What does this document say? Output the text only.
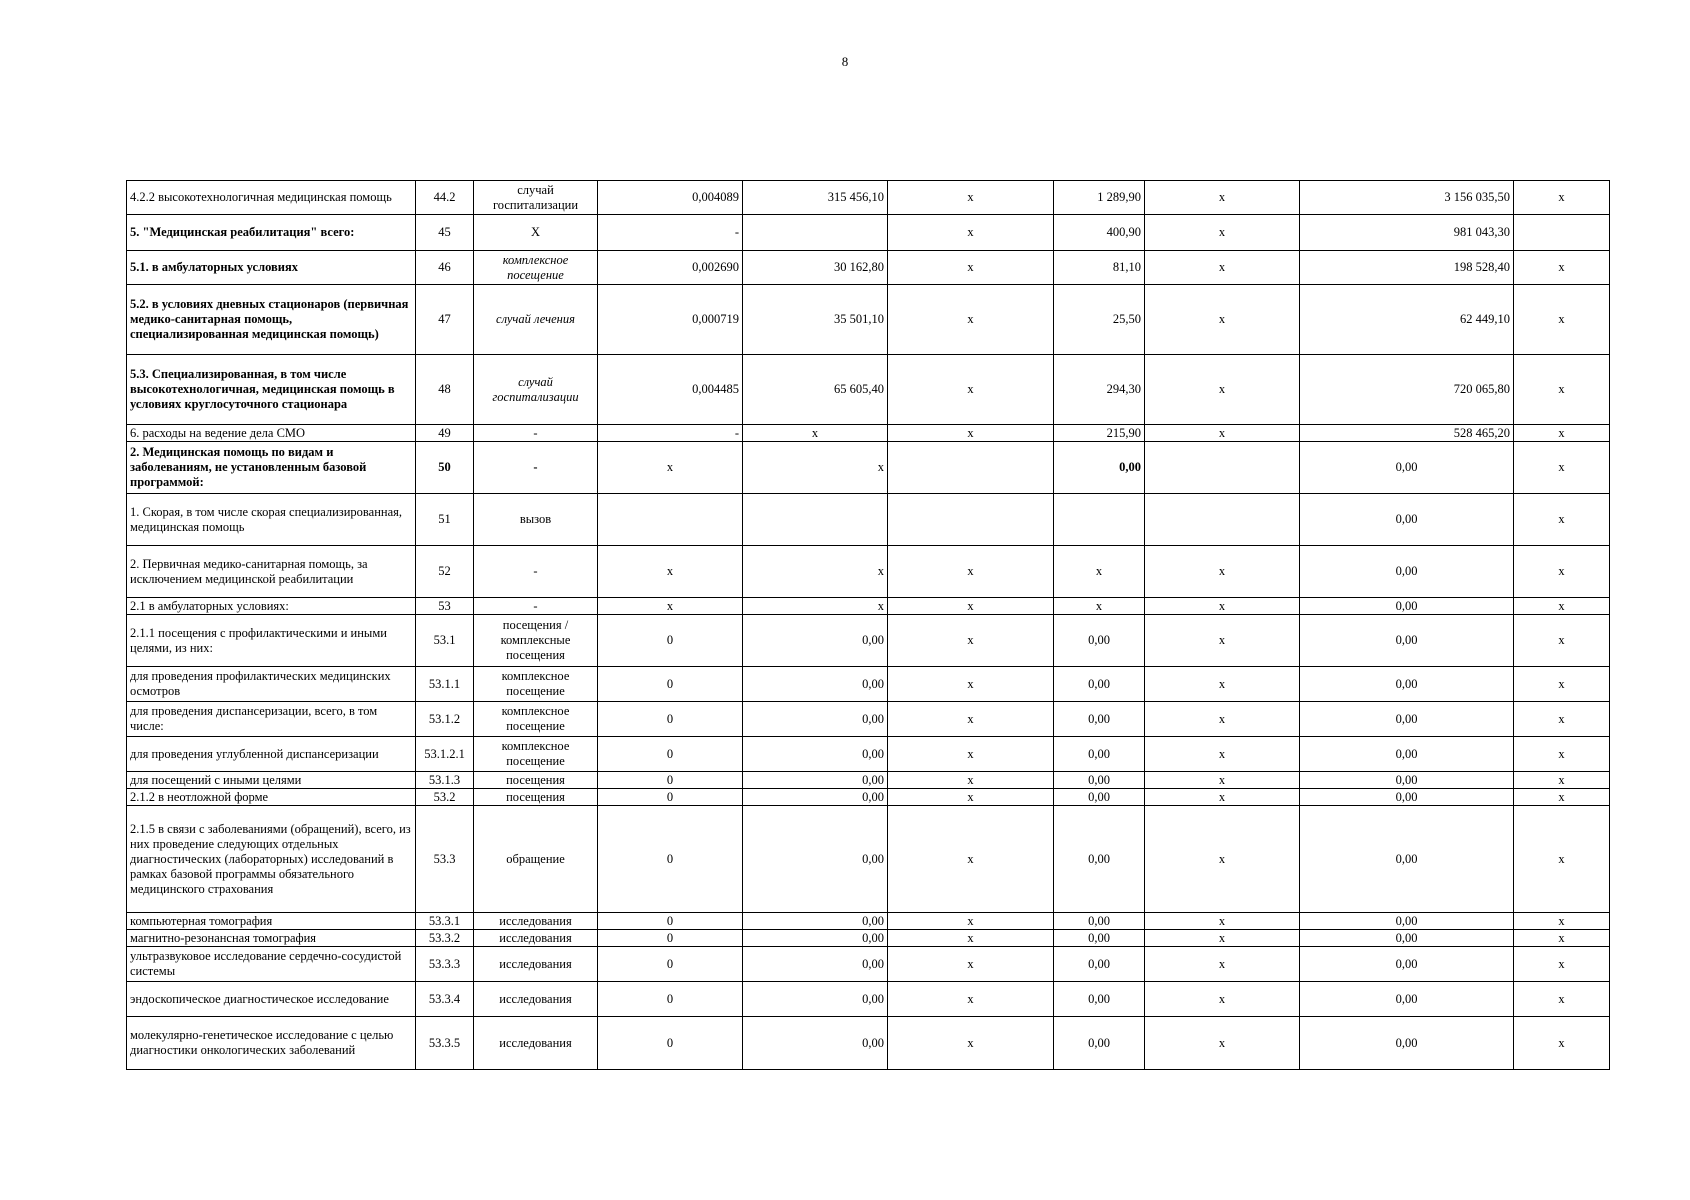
8
4.2.2 высокотехнологичная медицинская помощь	44.2	случай госпитализации	0,004089	315 456,10	x	1 289,90	x	3 156 035,50	x
5. "Медицинская реабилитация" всего:	45	X	-		x	400,90	x	981 043,30	
5.1. в амбулаторных условиях	46	комплексное посещение	0,002690	30 162,80	x	81,10	x	198 528,40	x
5.2. в условиях дневных стационаров (первичная медико-санитарная помощь, специализированная медицинская помощь)	47	случай лечения	0,000719	35 501,10	x	25,50	x	62 449,10	x
5.3. Специализированная, в том числе высокотехнологичная, медицинская помощь в условиях круглосуточного стационара	48	случай госпитализации	0,004485	65 605,40	x	294,30	x	720 065,80	x
6. расходы на ведение дела СМО	49	-	-	x	x	215,90	x	528 465,20	x
2. Медицинская помощь по видам и заболеваниям, не установленным базовой программой:	50	-	x	x		0,00		0,00	x
1. Скорая, в том числе скорая специализированная, медицинская помощь	51	вызов						0,00	x
2. Первичная медико-санитарная помощь, за исключением медицинской реабилитации	52	-	x	x	x	x	x	0,00	x
2.1 в амбулаторных условиях:	53	-	x	x	x	x	x	0,00	x
2.1.1 посещения с профилактическими и иными целями, из них:	53.1	посещения / комплексные посещения	0	0,00	x	0,00	x	0,00	x
для проведения профилактических медицинских осмотров	53.1.1	комплексное посещение	0	0,00	x	0,00	x	0,00	x
для проведения диспансеризации, всего, в том числе:	53.1.2	комплексное посещение	0	0,00	x	0,00	x	0,00	x
для проведения углубленной диспансеризации	53.1.2.1	комплексное посещение	0	0,00	x	0,00	x	0,00	x
для посещений с иными целями	53.1.3	посещения	0	0,00	x	0,00	x	0,00	x
2.1.2 в неотложной форме	53.2	посещения	0	0,00	x	0,00	x	0,00	x
2.1.5 в связи с заболеваниями (обращений), всего, из них проведение следующих отдельных диагностических (лабораторных) исследований в рамках базовой программы обязательного медицинского страхования	53.3	обращение	0	0,00	x	0,00	x	0,00	x
компьютерная томография	53.3.1	исследования	0	0,00	x	0,00	x	0,00	x
магнитно-резонансная томография	53.3.2	исследования	0	0,00	x	0,00	x	0,00	x
ультразвуковое исследование сердечно-сосудистой системы	53.3.3	исследования	0	0,00	x	0,00	x	0,00	x
эндоскопическое диагностическое исследование	53.3.4	исследования	0	0,00	x	0,00	x	0,00	x
молекулярно-генетическое исследование с целью диагностики онкологических заболеваний	53.3.5	исследования	0	0,00	x	0,00	x	0,00	x
